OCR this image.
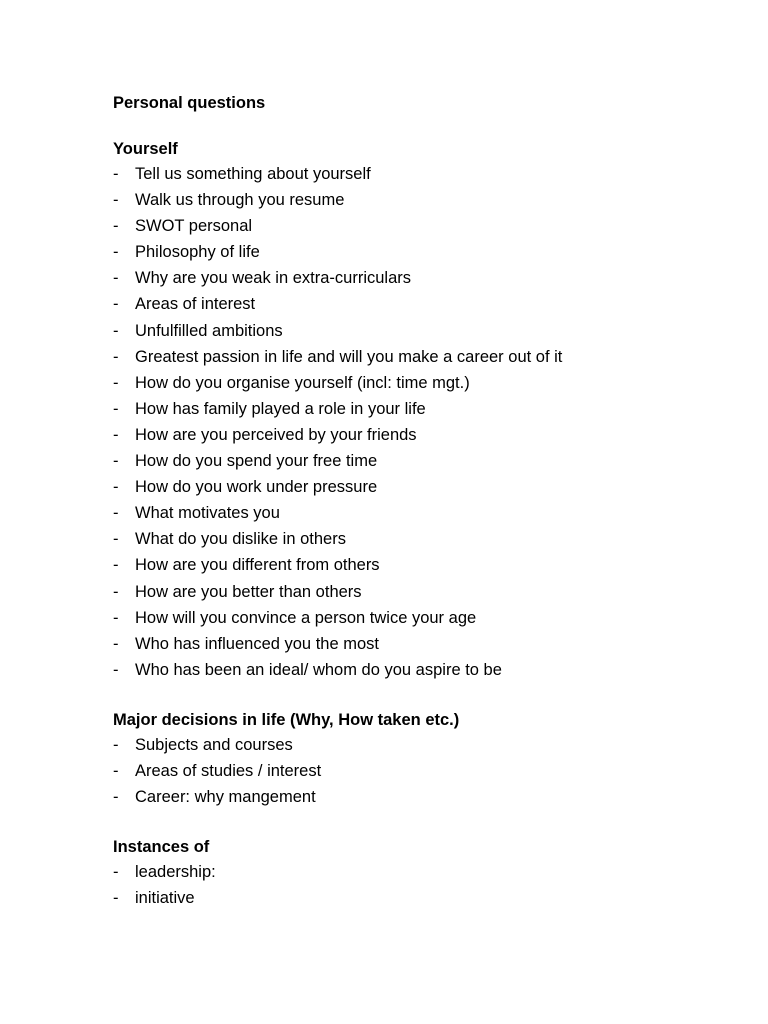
Personal questions
Yourself
- Tell us something about yourself
- Walk us through you resume
- SWOT personal
- Philosophy of life
- Why are you weak in extra-curriculars
- Areas of interest
- Unfulfilled ambitions
- Greatest passion in life and will you make a career out of it
- How do you organise yourself (incl: time mgt.)
- How has family played a role in your life
- How are you perceived by your friends
- How do you spend your free time
- How do you work under pressure
- What motivates you
- What do you dislike in others
- How are you different from others
- How are you better than others
- How will you convince a person twice your age
- Who has influenced you the most
- Who has been an ideal/ whom do you aspire to be
Major decisions in life (Why, How taken etc.)
- Subjects and courses
- Areas of studies / interest
- Career: why mangement
Instances of
- leadership:
- initiative
